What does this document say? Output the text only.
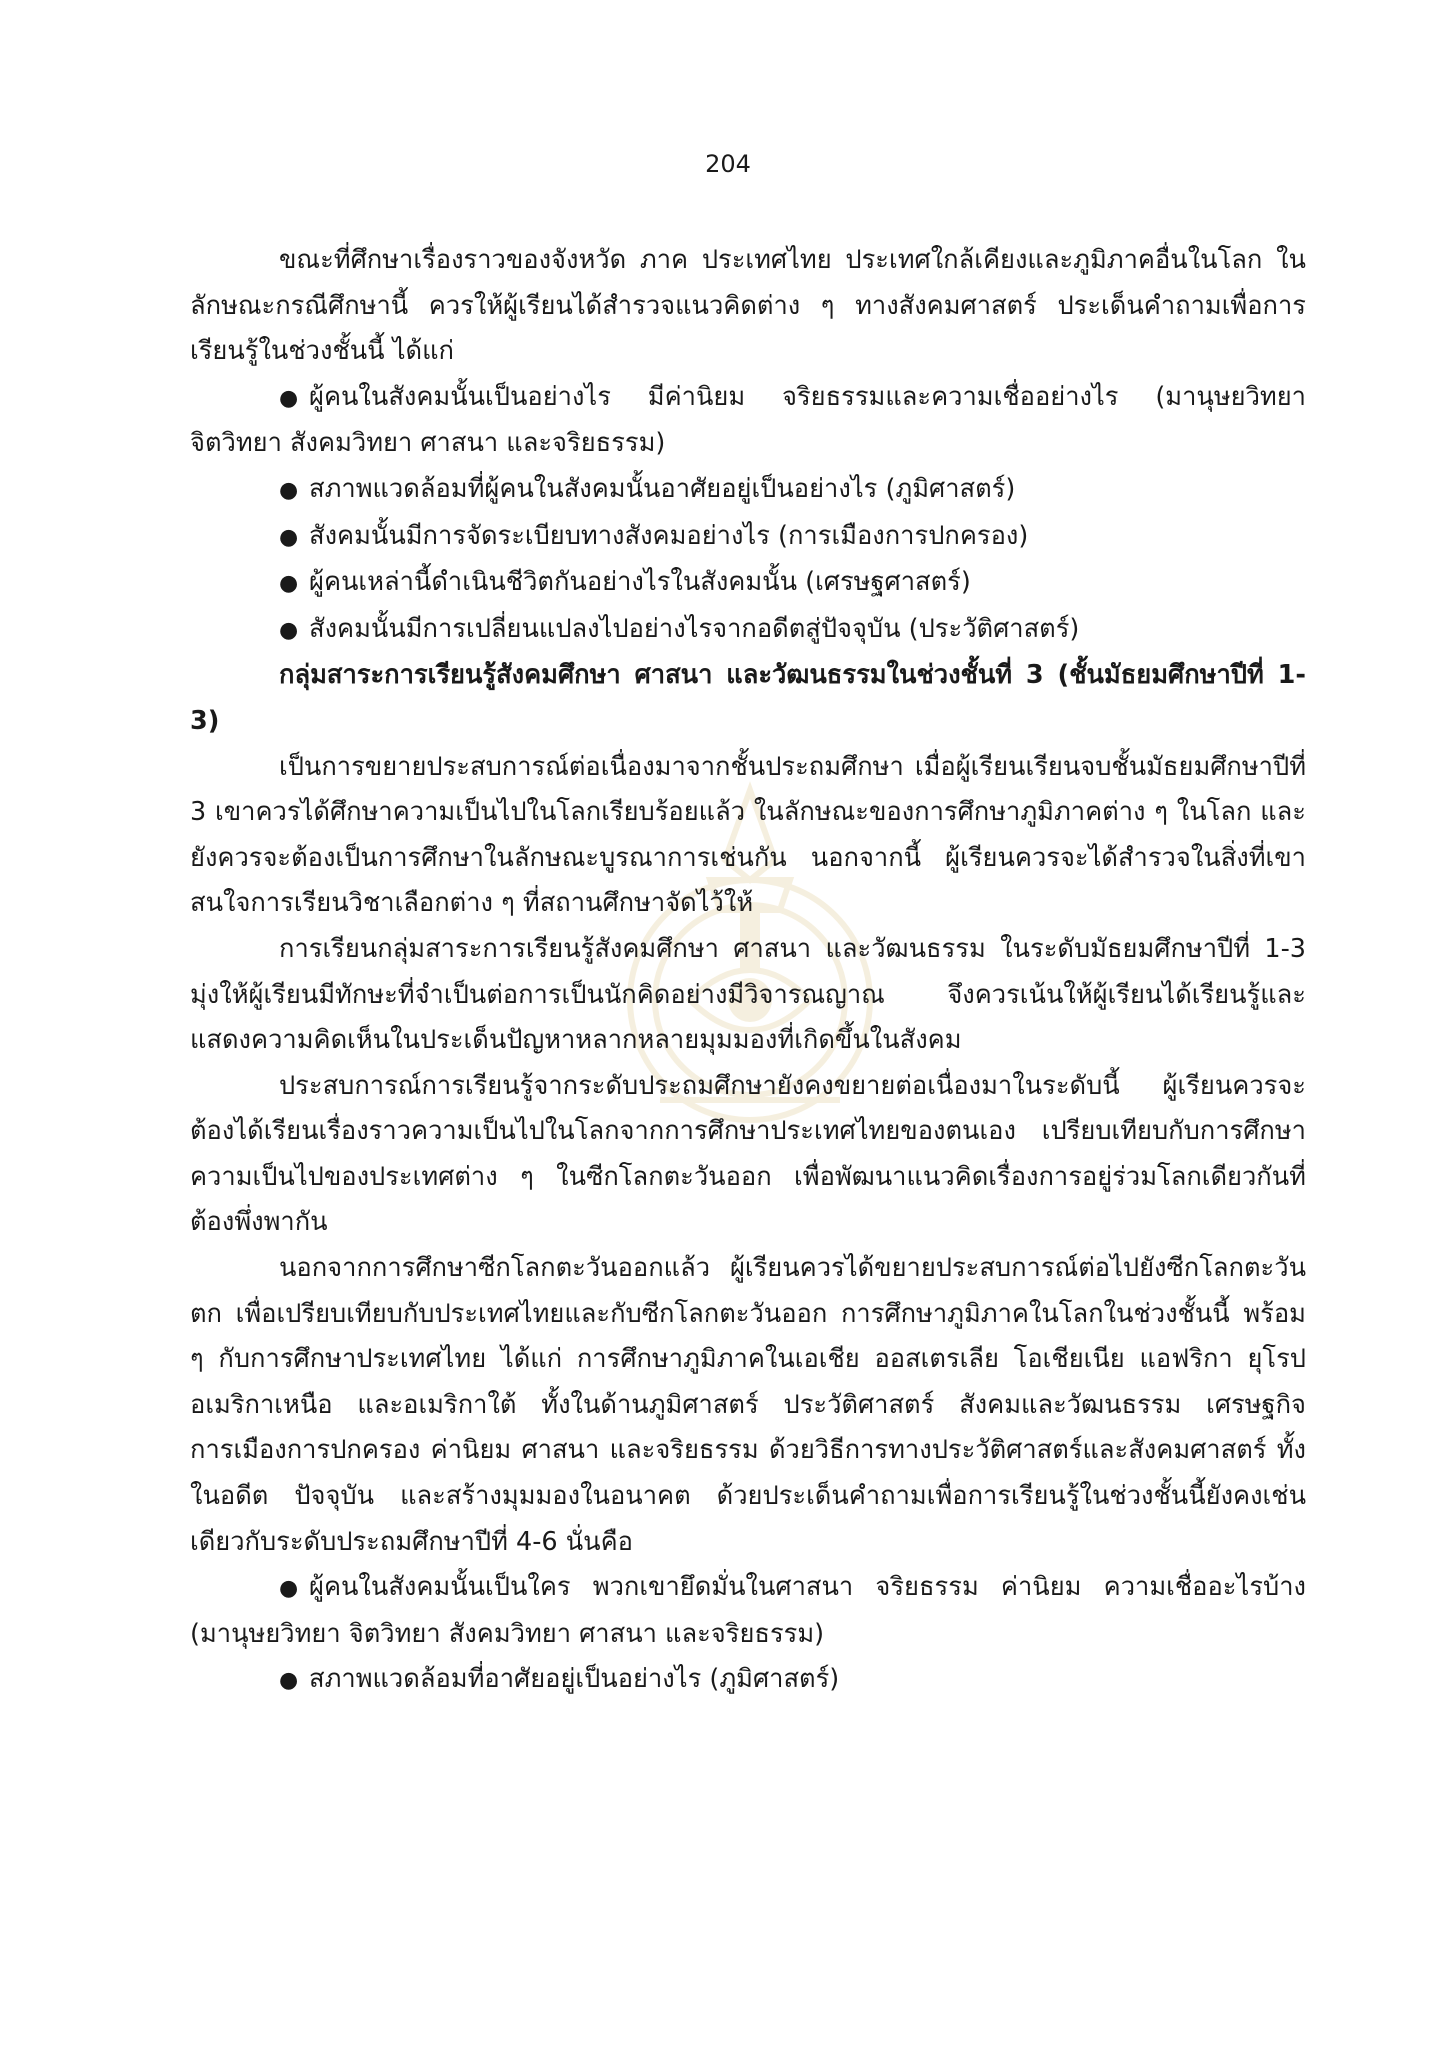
204

ขณะที่ศึกษาเรื่องราวของจังหวัด ภาค ประเทศไทย ประเทศใกล้เคียงและภูมิภาคอื่นในโลก ในลักษณะกรณีศึกษานี้ ควรให้ผู้เรียนได้สำรวจแนวคิดต่าง ๆ ทางสังคมศาสตร์ ประเด็นคำถามเพื่อการเรียนรู้ในช่วงชั้นนี้ ได้แก่

● ผู้คนในสังคมนั้นเป็นอย่างไร มีค่านิยม จริยธรรมและความเชื่ออย่างไร (มานุษยวิทยา จิตวิทยา สังคมวิทยา ศาสนา และจริยธรรม)

● สภาพแวดล้อมที่ผู้คนในสังคมนั้นอาศัยอยู่เป็นอย่างไร (ภูมิศาสตร์)

● สังคมนั้นมีการจัดระเบียบทางสังคมอย่างไร (การเมืองการปกครอง)

● ผู้คนเหล่านี้ดำเนินชีวิตกันอย่างไรในสังคมนั้น (เศรษฐศาสตร์)

● สังคมนั้นมีการเปลี่ยนแปลงไปอย่างไรจากอดีตสู่ปัจจุบัน (ประวัติศาสตร์)

กลุ่มสาระการเรียนรู้สังคมศึกษา ศาสนา และวัฒนธรรมในช่วงชั้นที่ 3 (ชั้นมัธยมศึกษาปีที่ 1-3)

เป็นการขยายประสบการณ์ต่อเนื่องมาจากชั้นประถมศึกษา เมื่อผู้เรียนเรียนจบชั้นมัธยมศึกษาปีที่ 3 เขาควรได้ศึกษาความเป็นไปในโลกเรียบร้อยแล้ว ในลักษณะของการศึกษาภูมิภาคต่าง ๆ ในโลก และยังควรจะต้องเป็นการศึกษาในลักษณะบูรณาการเช่นกัน นอกจากนี้ ผู้เรียนควรจะได้สำรวจในสิ่งที่เขาสนใจการเรียนวิชาเลือกต่าง ๆ ที่สถานศึกษาจัดไว้ให้

การเรียนกลุ่มสาระการเรียนรู้สังคมศึกษา ศาสนา และวัฒนธรรม ในระดับมัธยมศึกษาปีที่ 1-3 มุ่งให้ผู้เรียนมีทักษะที่จำเป็นต่อการเป็นนักคิดอย่างมีวิจารณญาณ จึงควรเน้นให้ผู้เรียนได้เรียนรู้และแสดงความคิดเห็นในประเด็นปัญหาหลากหลายมุมมองที่เกิดขึ้นในสังคม

ประสบการณ์การเรียนรู้จากระดับประถมศึกษายังคงขยายต่อเนื่องมาในระดับนี้ ผู้เรียนควรจะต้องได้เรียนเรื่องราวความเป็นไปในโลกจากการศึกษาประเทศไทยของตนเอง เปรียบเทียบกับการศึกษาความเป็นไปของประเทศต่าง ๆ ในซีกโลกตะวันออก เพื่อพัฒนาแนวคิดเรื่องการอยู่ร่วมโลกเดียวกันที่ต้องพึ่งพากัน

นอกจากการศึกษาซีกโลกตะวันออกแล้ว ผู้เรียนควรได้ขยายประสบการณ์ต่อไปยังซีกโลกตะวันตก เพื่อเปรียบเทียบกับประเทศไทยและกับซีกโลกตะวันออก การศึกษาภูมิภาคในโลกในช่วงชั้นนี้ พร้อม ๆ กับการศึกษาประเทศไทย ได้แก่ การศึกษาภูมิภาคในเอเชีย ออสเตรเลีย โอเชียเนีย แอฟริกา ยุโรป อเมริกาเหนือ และอเมริกาใต้ ทั้งในด้านภูมิศาสตร์ ประวัติศาสตร์ สังคมและวัฒนธรรม เศรษฐกิจ การเมืองการปกครอง ค่านิยม ศาสนา และจริยธรรม ด้วยวิธีการทางประวัติศาสตร์และสังคมศาสตร์ ทั้งในอดีต ปัจจุบัน และสร้างมุมมองในอนาคต ด้วยประเด็นคำถามเพื่อการเรียนรู้ในช่วงชั้นนี้ยังคงเช่นเดียวกับระดับประถมศึกษาปีที่ 4-6 นั่นคือ

● ผู้คนในสังคมนั้นเป็นใคร พวกเขายึดมั่นในศาสนา จริยธรรม ค่านิยม ความเชื่ออะไรบ้าง (มานุษยวิทยา จิตวิทยา สังคมวิทยา ศาสนา และจริยธรรม)

● สภาพแวดล้อมที่อาศัยอยู่เป็นอย่างไร (ภูมิศาสตร์)
